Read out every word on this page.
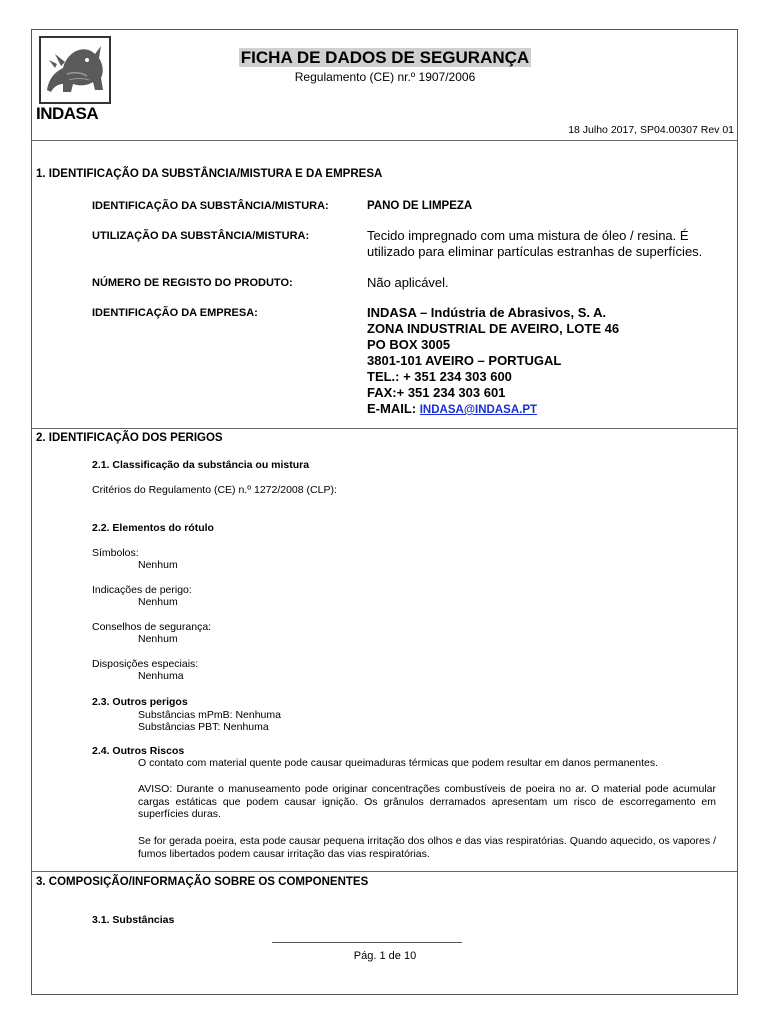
INDASA
FICHA DE DADOS DE SEGURANÇA
Regulamento (CE) nr.º 1907/2006
18 Julho 2017, SP04.00307 Rev 01
1. IDENTIFICAÇÃO DA SUBSTÂNCIA/MISTURA E DA EMPRESA
IDENTIFICAÇÃO DA SUBSTÂNCIA/MISTURA:	PANO DE LIMPEZA
UTILIZAÇÃO DA SUBSTÂNCIA/MISTURA:	Tecido impregnado com uma mistura de óleo / resina. É utilizado para eliminar partículas estranhas de superfícies.
NÚMERO DE REGISTO DO PRODUTO:	Não aplicável.
IDENTIFICAÇÃO DA EMPRESA:	INDASA – Indústria de Abrasivos, S. A.
ZONA INDUSTRIAL DE AVEIRO, LOTE 46
PO BOX 3005
3801-101 AVEIRO – PORTUGAL
TEL.: + 351 234 303 600
FAX:+ 351 234 303 601
E-MAIL: INDASA@INDASA.PT
2. IDENTIFICAÇÃO DOS PERIGOS
2.1. Classificação da substância ou mistura
Critérios do Regulamento (CE) n.º 1272/2008 (CLP):
2.2. Elementos do rótulo
Símbolos:
Nenhum
Indicações de perigo:
Nenhum
Conselhos de segurança:
Nenhum
Disposições especiais:
Nenhuma
2.3. Outros perigos
Substâncias mPmB: Nenhuma
Substâncias PBT: Nenhuma
2.4. Outros Riscos
O contato com material quente pode causar queimaduras térmicas que podem resultar em danos permanentes.
AVISO: Durante o manuseamento pode originar concentrações combustíveis de poeira no ar. O material pode acumular cargas estáticas que podem causar ignição. Os grânulos derramados apresentam um risco de escorregamento em superfícies duras.
Se for gerada poeira, esta pode causar pequena irritação dos olhos e das vias respiratórias. Quando aquecido, os vapores / fumos libertados podem causar irritação das vias respiratórias.
3. COMPOSIÇÃO/INFORMAÇÃO SOBRE OS COMPONENTES
3.1. Substâncias
Pág. 1 de 10
